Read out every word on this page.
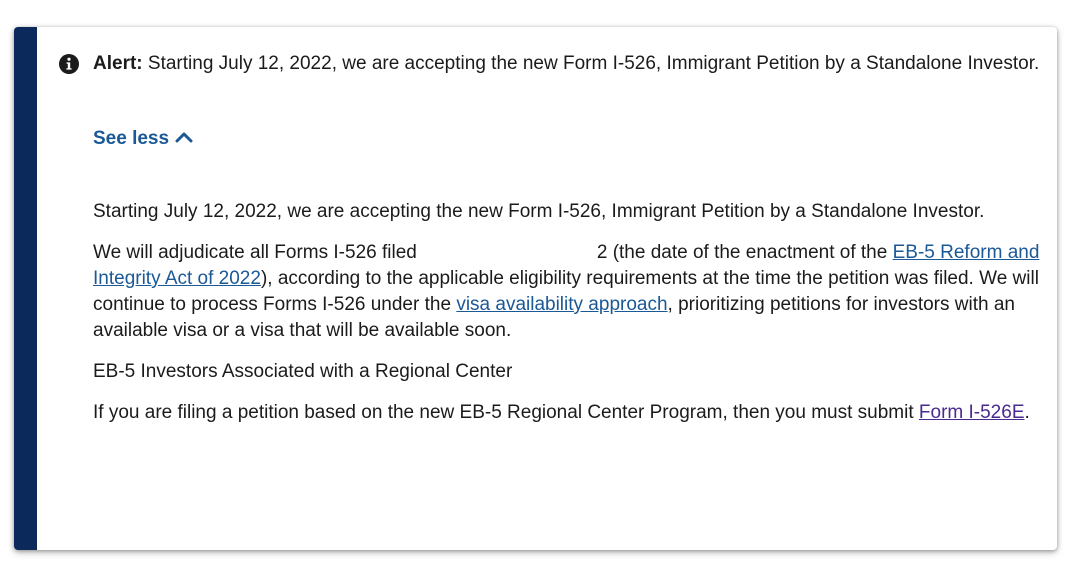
Alert: Starting July 12, 2022, we are accepting the new Form I-526, Immigrant Petition by a Standalone Investor.
See less

Starting July 12, 2022, we are accepting the new Form I-526, Immigrant Petition by a Standalone Investor.

We will adjudicate all Forms I-526 filed	2 (the date of the enactment of the EB-5 Reform and Integrity Act of 2022), according to the applicable eligibility requirements at the time the petition was filed. We will continue to process Forms I-526 under the visa availability approach, prioritizing petitions for investors with an available visa or a visa that will be available soon.

EB-5 Investors Associated with a Regional Center

If you are filing a petition based on the new EB-5 Regional Center Program, then you must submit Form I-526E.
